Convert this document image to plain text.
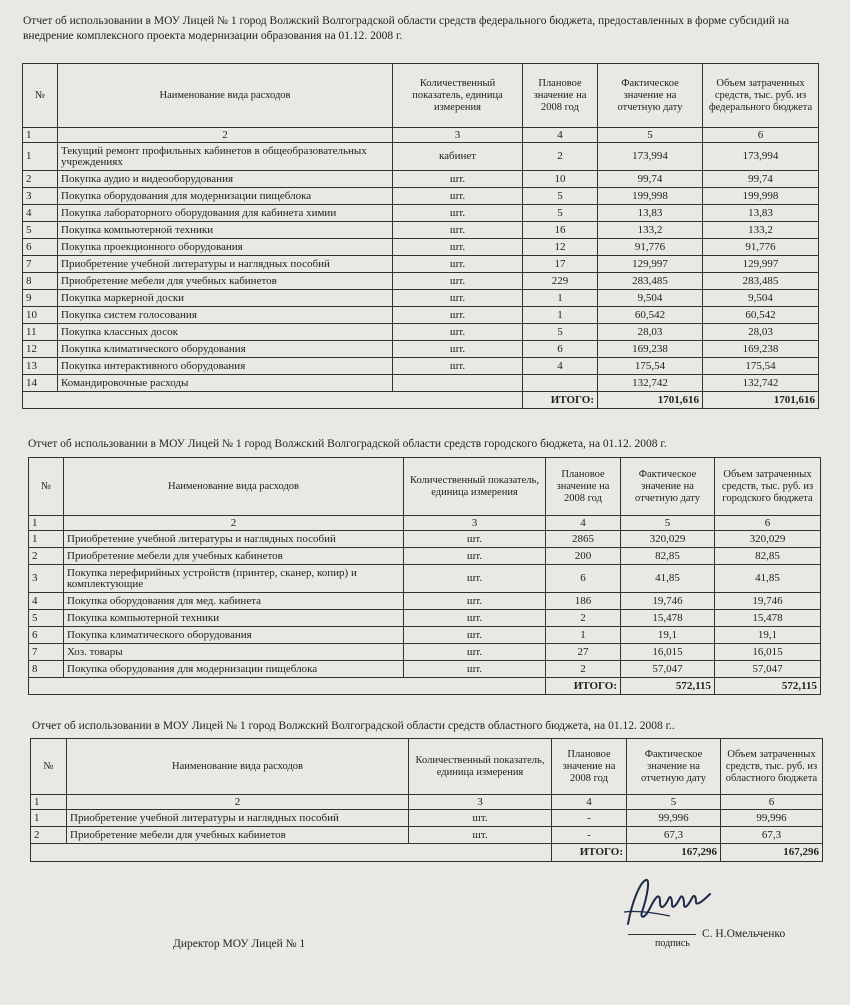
Отчет об использовании в МОУ Лицей № 1 город Волжский Волгоградской области средств федерального бюджета, предоставленных в форме субсидий на внедрение комплексного проекта модернизации образования на 01.12. 2008 г.
№	Наименование вида расходов	Количественный показатель, единица измерения	Плановое значение на 2008 год	Фактическое значение на отчетную дату	Объем затраченных средств, тыс. руб. из федерального бюджета
1	2	3	4	5	6
1	Текущий ремонт профильных кабинетов в общеобразовательных учреждениях	кабинет	2	173,994	173,994
2	Покупка аудио и видеооборудования	шт.	10	99,74	99,74
3	Покупка оборудования для модернизации пищеблока	шт.	5	199,998	199,998
4	Покупка лабораторного оборудования для кабинета химии	шт.	5	13,83	13,83
5	Покупка компьютерной техники	шт.	16	133,2	133,2
6	Покупка проекционного оборудования	шт.	12	91,776	91,776
7	Приобретение учебной литературы и наглядных пособий	шт.	17	129,997	129,997
8	Приобретение мебели для учебных кабинетов	шт.	229	283,485	283,485
9	Покупка маркерной доски	шт.	1	9,504	9,504
10	Покупка систем голосования	шт.	1	60,542	60,542
11	Покупка классных досок	шт.	5	28,03	28,03
12	Покупка климатического оборудования	шт.	6	169,238	169,238
13	Покупка интерактивного оборудования	шт.	4	175,54	175,54
14	Командировочные расходы			132,742	132,742
			ИТОГО:	1701,616	1701,616
Отчет об использовании в МОУ Лицей № 1 город Волжский Волгоградской области средств городского бюджета, на 01.12. 2008 г.
№	Наименование вида расходов	Количественный показатель, единица измерения	Плановое значение на 2008 год	Фактическое значение на отчетную дату	Объем затраченных средств, тыс. руб. из городского бюджета
1	2	3	4	5	6
1	Приобретение учебной литературы и наглядных пособий	шт.	2865	320,029	320,029
2	Приобретение мебели для учебных кабинетов	шт.	200	82,85	82,85
3	Покупка перефирийных устройств (принтер, сканер, копир) и комплектующие	шт.	6	41,85	41,85
4	Покупка оборудования для мед. кабинета	шт.	186	19,746	19,746
5	Покупка компьютерной техники	шт.	2	15,478	15,478
6	Покупка климатического оборудования	шт.	1	19,1	19,1
7	Хоз. товары	шт.	27	16,015	16,015
8	Покупка оборудования для модернизации пищеблока	шт.	2	57,047	57,047
			ИТОГО:	572,115	572,115
Отчет об использовании в МОУ Лицей № 1 город Волжский Волгоградской области средств областного бюджета, на 01.12. 2008 г..
№	Наименование вида расходов	Количественный показатель, единица измерения	Плановое значение на 2008 год	Фактическое значение на отчетную дату	Объем затраченных средств, тыс. руб. из областного бюджета
1	2	3	4	5	6
1	Приобретение учебной литературы и наглядных пособий	шт.	-	99,996	99,996
2	Приобретение мебели для учебных кабинетов	шт.	-	67,3	67,3
			ИТОГО:	167,296	167,296
Директор МОУ Лицей № 1	подпись
С. Н.Омельченко
